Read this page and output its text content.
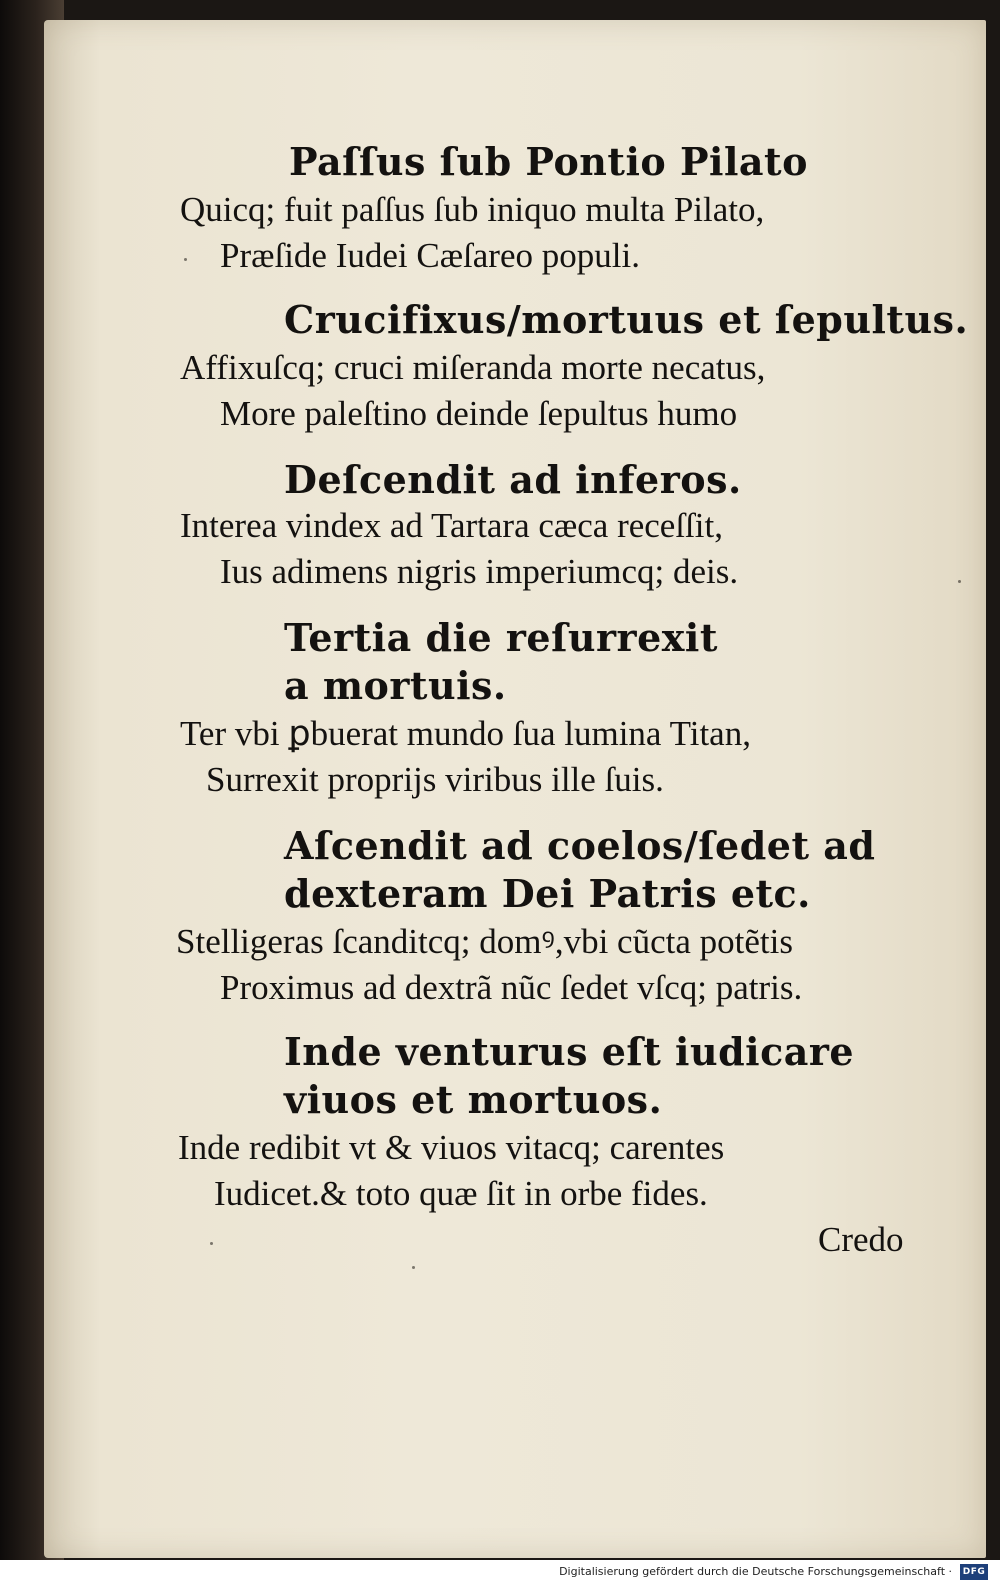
Paſſus ſub Pontio Pilato
Quicq; fuit paſſus ſub iniquo multa Pilato,
Præſide Iudei Cæſareo populi.
Crucifixus/mortuus et ſepultus.
Affixuſcq; cruci miſeranda morte necatus,
More paleſtino deinde ſepultus humo
Deſcendit ad inferos.
Interea vindex ad Tartara cæca receſſit,
Ius adimens nigris imperiumcq; deis.
Tertia die reſurrexit
a mortuis.
Ter vbi ꝑbuerat mundo ſua lumina Titan,
Surrexit proprijs viribus ille ſuis.
Aſcendit ad coelos/ſedet ad
dexteram Dei Patris etc.
Stelligeras ſcanditcq; domꝰ,vbi cũcta potẽtis
Proximus ad dextrã nũc ſedet vſcq; patris.
Inde venturus eſt iudicare
viuos et mortuos.
Inde redibit vt & viuos vitacq; carentes
Iudicet.& toto quæ ſit in orbe fides.
Credo
Digitalisierung gefördert durch die Deutsche Forschungsgemeinschaft ·	DFG
